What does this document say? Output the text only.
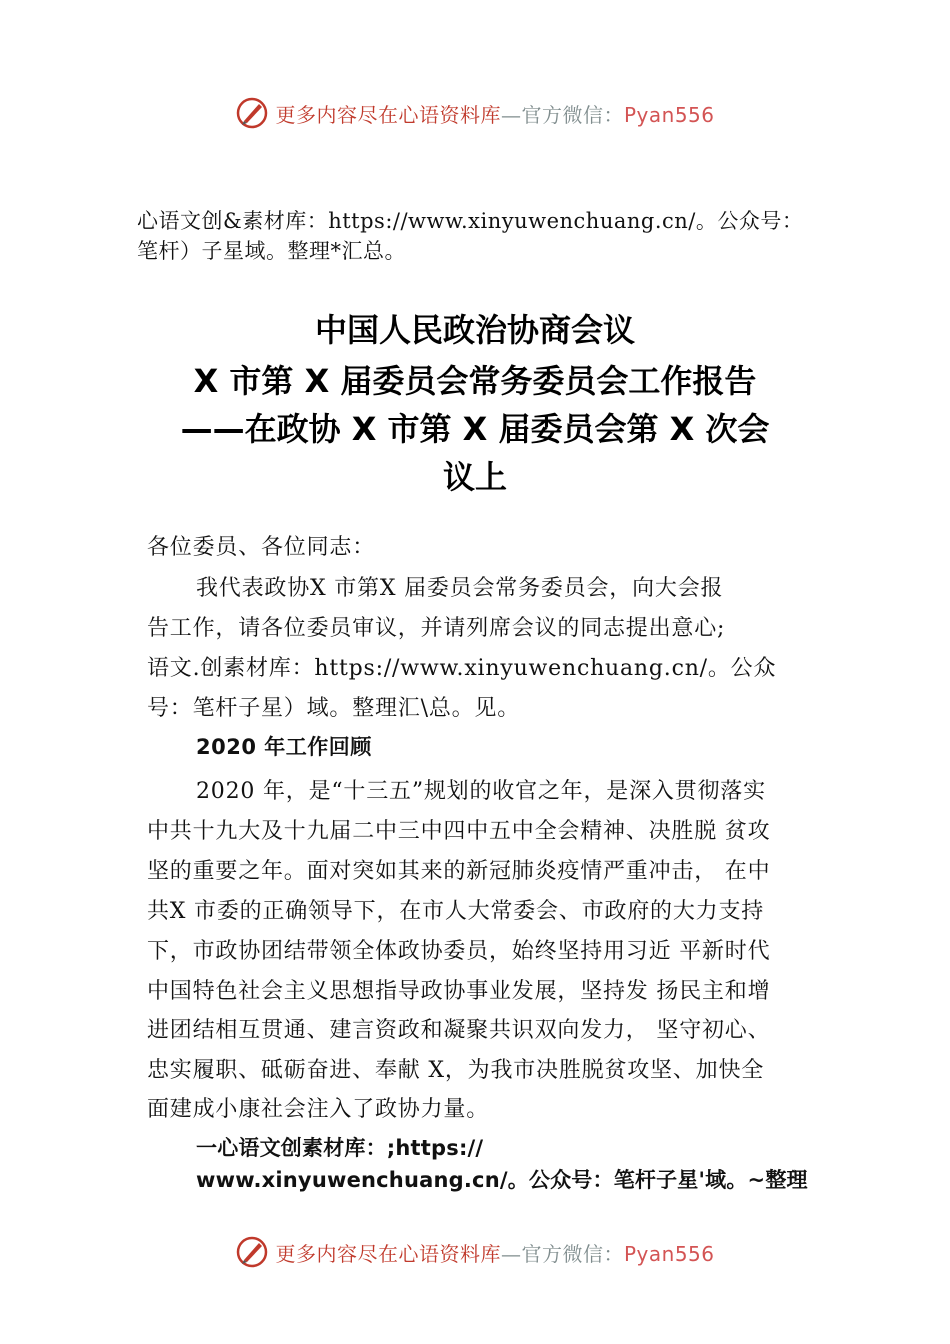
更多内容尽在心语资料库—官方微信：Pyan556
心语文创&素材库：https://www.xinyuwenchuang.cn/。公众号：
笔杆）子星域。整理*汇总。
中国人民政治协商会议
X 市第 X 届委员会常务委员会工作报告
——在政协 X 市第 X 届委员会第 X 次会
议上
各位委员、各位同志：
我代表政协X 市第X 届委员会常务委员会，向大会报
告工作，请各位委员审议，并请列席会议的同志提出意心;
语文.创素材库：https://www.xinyuwenchuang.cn/。公众
号：笔杆子星）域。整理汇\总。见。
2020 年工作回顾
2020 年，是“十三五”规划的收官之年，是深入贯彻落实
中共十九大及十九届二中三中四中五中全会精神、决胜脱 贫攻
坚的重要之年。面对突如其来的新冠肺炎疫情严重冲击， 在中
共X 市委的正确领导下，在市人大常委会、市政府的大力支持
下，市政协团结带领全体政协委员，始终坚持用习近 平新时代
中国特色社会主义思想指导政协事业发展，坚持发 扬民主和增
进团结相互贯通、建言资政和凝聚共识双向发力， 坚守初心、
忠实履职、砥砺奋进、奉献 X，为我市决胜脱贫攻坚、加快全
面建成小康社会注入了政协力量。
一心语文创素材库：;https://
www.xinyuwenchuang.cn/。公众号：笔杆子星'域。~整理
更多内容尽在心语资料库—官方微信：Pyan556
